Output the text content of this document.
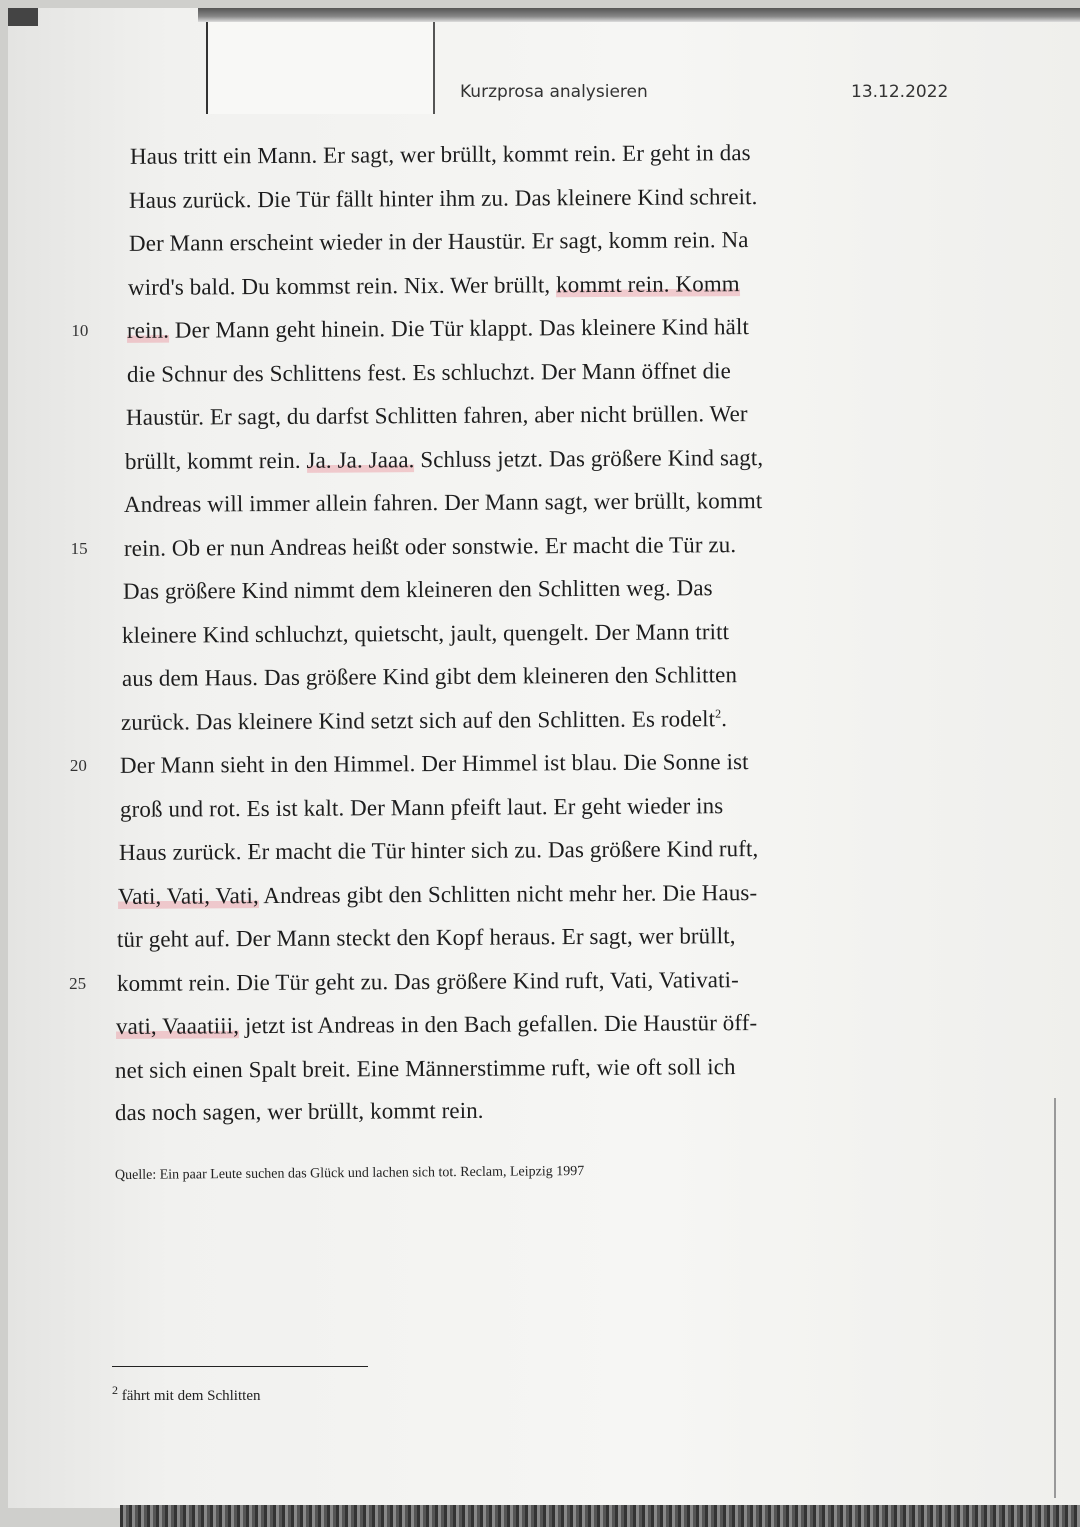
Kurzprosa analysieren	13.12.2022
Haus tritt ein Mann. Er sagt, wer brüllt, kommt rein. Er geht in das
Haus zurück. Die Tür fällt hinter ihm zu. Das kleinere Kind schreit.
Der Mann erscheint wieder in der Haustür. Er sagt, komm rein. Na
wird's bald. Du kommst rein. Nix. Wer brüllt, kommt rein. Komm
rein. Der Mann geht hinein. Die Tür klappt. Das kleinere Kind hält
die Schnur des Schlittens fest. Es schluchzt. Der Mann öffnet die
Haustür. Er sagt, du darfst Schlitten fahren, aber nicht brüllen. Wer
brüllt, kommt rein. Ja. Ja. Jaaa. Schluss jetzt. Das größere Kind sagt,
Andreas will immer allein fahren. Der Mann sagt, wer brüllt, kommt
rein. Ob er nun Andreas heißt oder sonstwie. Er macht die Tür zu.
Das größere Kind nimmt dem kleineren den Schlitten weg. Das
kleinere Kind schluchzt, quietscht, jault, quengelt. Der Mann tritt
aus dem Haus. Das größere Kind gibt dem kleineren den Schlitten
zurück. Das kleinere Kind setzt sich auf den Schlitten. Es rodelt$^2$.
Der Mann sieht in den Himmel. Der Himmel ist blau. Die Sonne ist
groß und rot. Es ist kalt. Der Mann pfeift laut. Er geht wieder ins
Haus zurück. Er macht die Tür hinter sich zu. Das größere Kind ruft,
Vati, Vati, Vati, Andreas gibt den Schlitten nicht mehr her. Die Haus-
tür geht auf. Der Mann steckt den Kopf heraus. Er sagt, wer brüllt,
kommt rein. Die Tür geht zu. Das größere Kind ruft, Vati, Vativati-
vati, Vaaatiii, jetzt ist Andreas in den Bach gefallen. Die Haustür öff-
net sich einen Spalt breit. Eine Männerstimme ruft, wie oft soll ich
das noch sagen, wer brüllt, kommt rein.
10
15
20
25
Quelle: Ein paar Leute suchen das Glück und lachen sich tot. Reclam, Leipzig 1997
$^2$ fährt mit dem Schlitten
